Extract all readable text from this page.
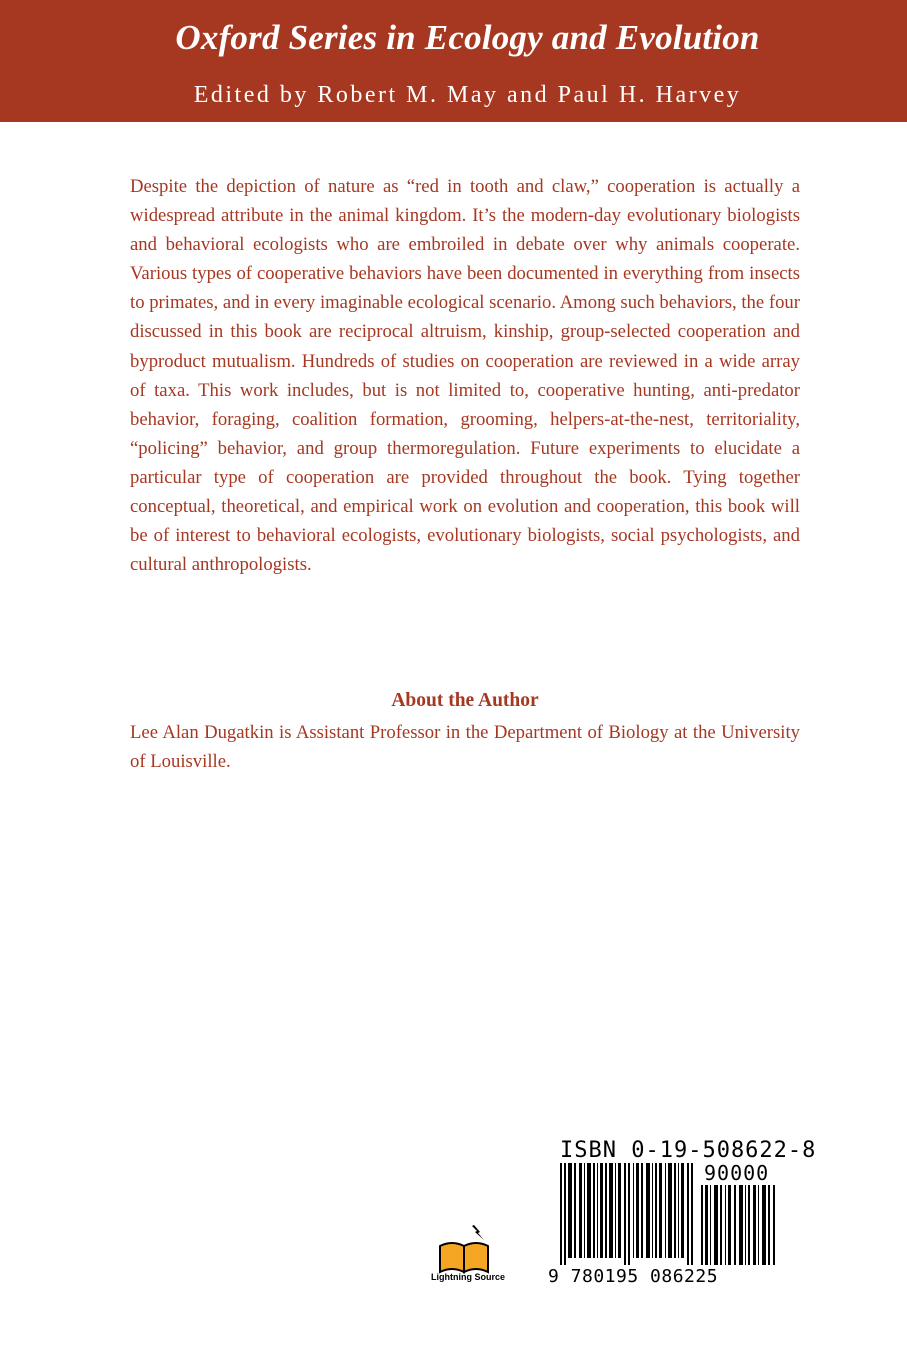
Oxford Series in Ecology and Evolution
Edited by Robert M. May and Paul H. Harvey
Despite the depiction of nature as “red in tooth and claw,” cooperation is actually a widespread attribute in the animal kingdom. It’s the modern-day evolutionary biologists and behavioral ecologists who are embroiled in debate over why animals cooperate. Various types of cooperative behaviors have been documented in everything from insects to primates, and in every imaginable ecological scenario. Among such behaviors, the four discussed in this book are reciprocal altruism, kinship, group-selected cooperation and byproduct mutualism. Hundreds of studies on cooperation are reviewed in a wide array of taxa. This work includes, but is not limited to, cooperative hunting, anti-predator behavior, foraging, coalition formation, grooming, helpers-at-the-nest, territoriality, “policing” behavior, and group thermoregulation. Future experiments to elucidate a particular type of cooperation are provided throughout the book. Tying together conceptual, theoretical, and empirical work on evolution and cooperation, this book will be of interest to behavioral ecologists, evolutionary biologists, social psychologists, and cultural anthropologists.
About the Author
Lee Alan Dugatkin is Assistant Professor in the Department of Biology at the University of Louisville.
ISBN 0-19-508622-8
90000
9 780195 086225
Lightning Source
